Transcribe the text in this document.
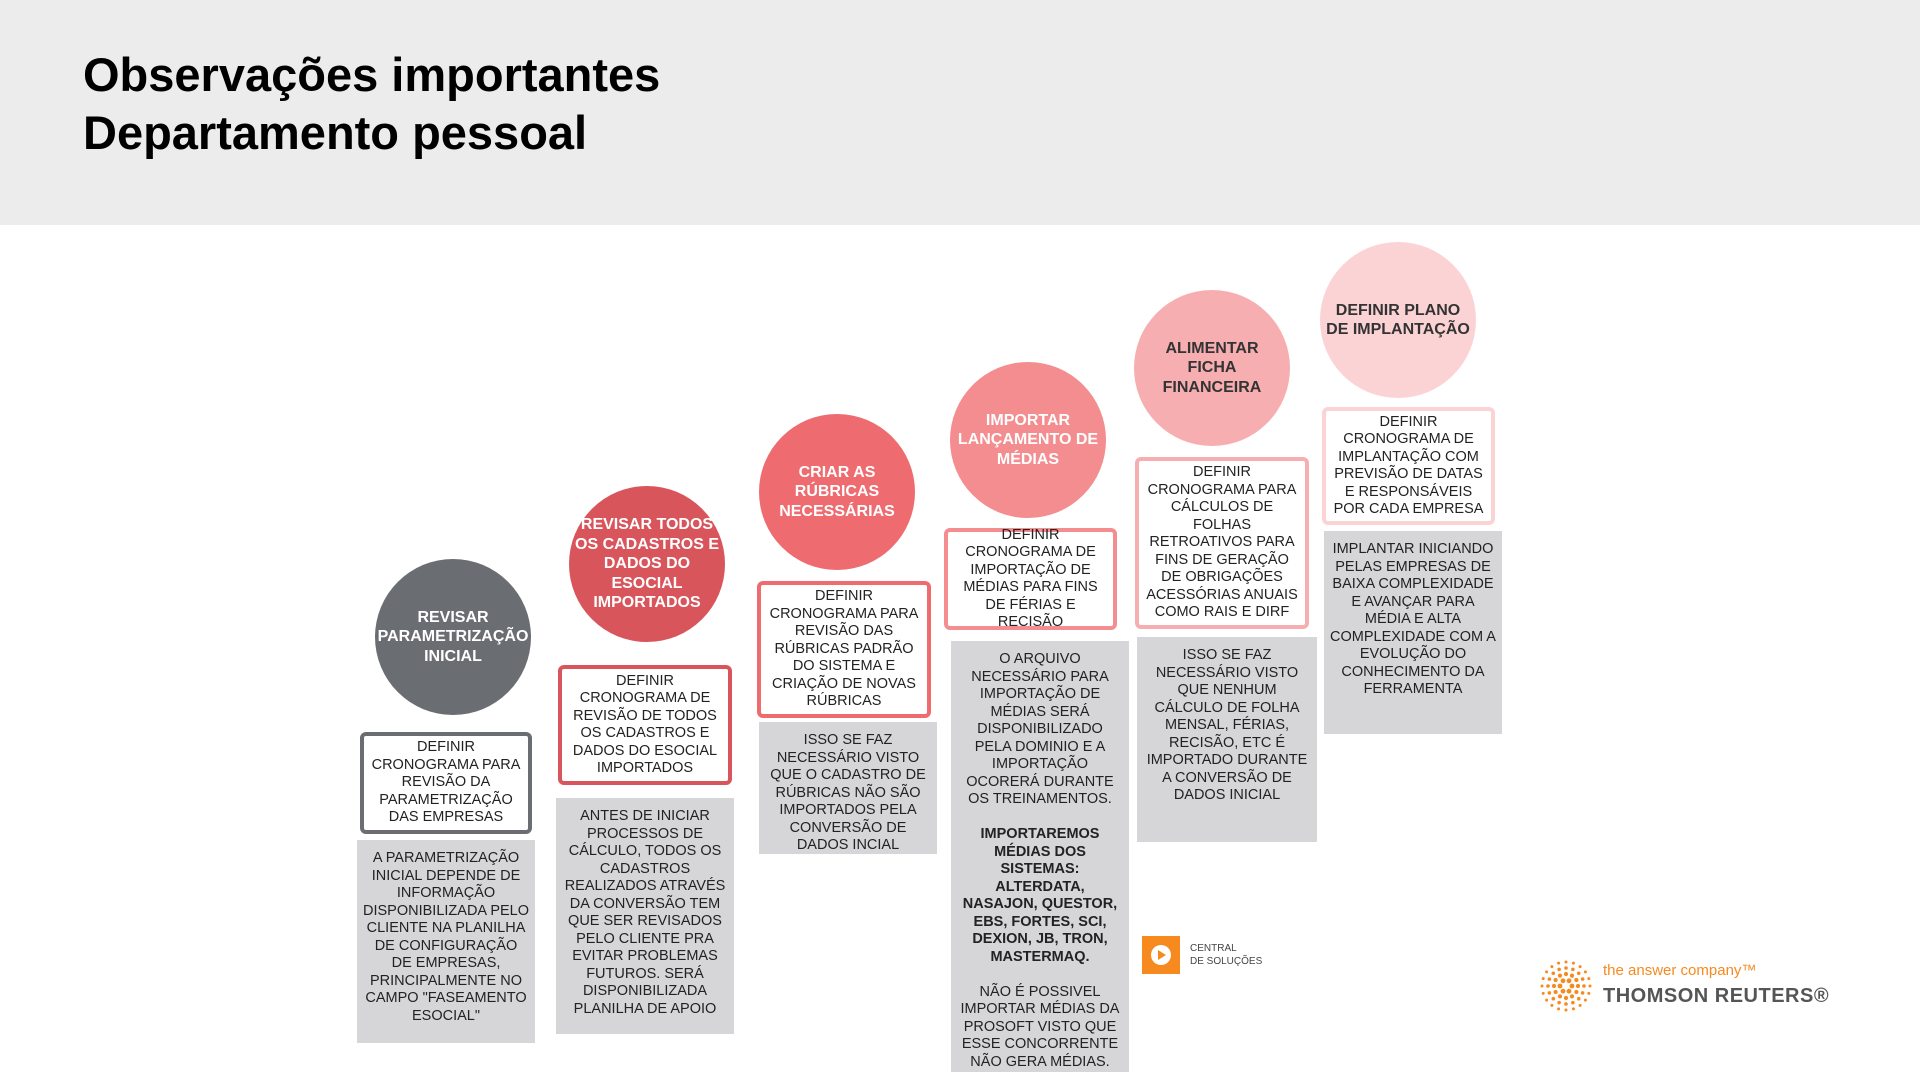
Observações importantes
Departamento pessoal
REVISAR PARAMETRIZAÇÃO INICIAL
DEFINIR CRONOGRAMA PARA REVISÃO DA PARAMETRIZAÇÃO DAS EMPRESAS

A PARAMETRIZAÇÃO INICIAL DEPENDE DE INFORMAÇÃO DISPONIBILIZADA PELO CLIENTE NA PLANILHA DE CONFIGURAÇÃO DE EMPRESAS, PRINCIPALMENTE NO CAMPO "FASEAMENTO ESOCIAL"

REVISAR TODOS OS CADASTROS E DADOS DO ESOCIAL IMPORTADOS
DEFINIR CRONOGRAMA DE REVISÃO DE TODOS OS CADASTROS E DADOS DO ESOCIAL IMPORTADOS

ANTES DE INICIAR PROCESSOS DE CÁLCULO, TODOS OS CADASTROS REALIZADOS ATRAVÉS DA CONVERSÃO TEM QUE SER REVISADOS PELO CLIENTE PRA EVITAR PROBLEMAS FUTUROS. SERÁ DISPONIBILIZADA PLANILHA DE APOIO

CRIAR AS RÚBRICAS NECESSÁRIAS
DEFINIR CRONOGRAMA PARA REVISÃO DAS RÚBRICAS PADRÃO DO SISTEMA E CRIAÇÃO DE NOVAS RÚBRICAS

ISSO SE FAZ NECESSÁRIO VISTO QUE O CADASTRO DE RÚBRICAS NÃO SÃO IMPORTADOS PELA CONVERSÃO DE DADOS INCIAL

IMPORTAR LANÇAMENTO DE MÉDIAS
DEFINIR CRONOGRAMA DE IMPORTAÇÃO DE MÉDIAS PARA FINS DE FÉRIAS E RECISÃO

O ARQUIVO NECESSÁRIO PARA IMPORTAÇÃO DE MÉDIAS SERÁ DISPONIBILIZADO PELA DOMINIO E A IMPORTAÇÃO OCORERÁ DURANTE OS TREINAMENTOS.

IMPORTAREMOS MÉDIAS DOS SISTEMAS: ALTERDATA, NASAJON, QUESTOR, EBS, FORTES, SCI, DEXION, JB, TRON, MASTERMAQ.

NÃO É POSSIVEL IMPORTAR MÉDIAS DA PROSOFT VISTO QUE ESSE CONCORRENTE NÃO GERA MÉDIAS.

ALIMENTAR FICHA FINANCEIRA
DEFINIR CRONOGRAMA PARA CÁLCULOS DE FOLHAS RETROATIVOS PARA FINS DE GERAÇÃO DE OBRIGAÇÕES ACESSÓRIAS ANUAIS COMO RAIS E DIRF

ISSO SE FAZ NECESSÁRIO VISTO QUE NENHUM CÁLCULO DE FOLHA MENSAL, FÉRIAS, RECISÃO, ETC É IMPORTADO DURANTE A CONVERSÃO DE DADOS INICIAL

DEFINIR PLANO DE IMPLANTAÇÃO
DEFINIR CRONOGRAMA DE IMPLANTAÇÃO COM PREVISÃO DE DATAS E RESPONSÁVEIS POR CADA EMPRESA

IMPLANTAR INICIANDO PELAS EMPRESAS DE BAIXA COMPLEXIDADE E AVANÇAR PARA MÉDIA E ALTA COMPLEXIDADE COM A EVOLUÇÃO DO CONHECIMENTO DA FERRAMENTA

CENTRAL
DE SOLUÇÕES
the answer company™
THOMSON REUTERS®
